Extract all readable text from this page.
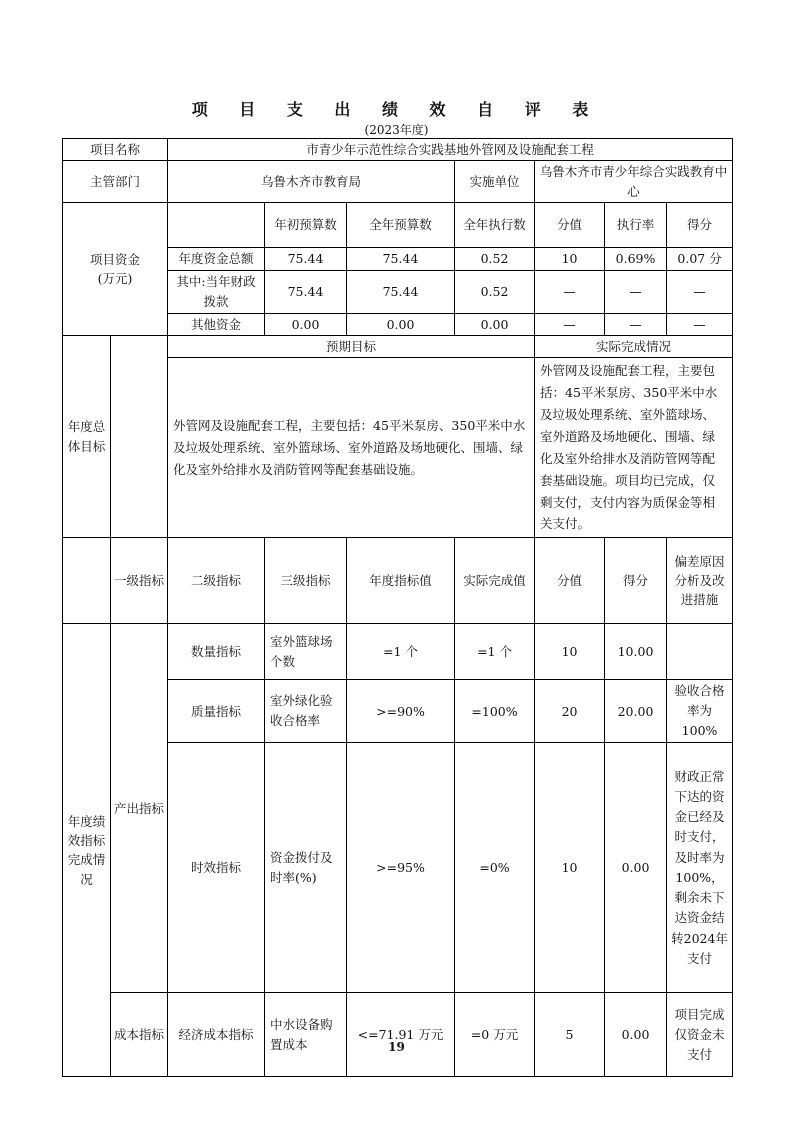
项 目 支 出 绩 效 自 评 表
(2023年度)
项目名称		市青少年示范性综合实践基地外管网及设施配套工程						
主管部门		乌鲁木齐市教育局			实施单位	乌鲁木齐市青少年综合实践教育中心		
项目资金
(万元)			年初预算数	全年预算数	全年执行数	分值	执行率	得分
		年度资金总额	75.44	75.44	0.52	10	0.69%	0.07 分
		其中:当年财政拨款	75.44	75.44	0.52	—	—	—
		其他资金	0.00	0.00	0.00	—	—	—
年度总体目标		预期目标				实际完成情况		
		外管网及设施配套工程，主要包括：45平米泵房、350平米中水及垃圾处理系统、室外篮球场、室外道路及场地硬化、围墙、绿化及室外给排水及消防管网等配套基础设施。				外管网及设施配套工程，主要包括：45平米泵房、350平米中水及垃圾处理系统、室外篮球场、室外道路及场地硬化、围墙、绿化及室外给排水及消防管网等配套基础设施。项目均已完成，仅剩支付，支付内容为质保金等相关支付。		
	一级指标	二级指标	三级指标	年度指标值	实际完成值	分值	得分	偏差原因分析及改进措施
年度绩效指标完成情况	产出指标	数量指标	室外篮球场个数	=1 个	=1 个	10	10.00	
		质量指标	室外绿化验收合格率	>=90%	=100%	20	20.00	验收合格率为100%
		时效指标	资金拨付及时率(%)	>=95%	=0%	10	0.00	财政正常下达的资金已经及时支付，及时率为100%，剩余未下达资金结转2024年支付
	成本指标	经济成本指标	中水设备购置成本	<=71.91 万元	=0 万元	5	0.00	项目完成仅资金未支付
19
